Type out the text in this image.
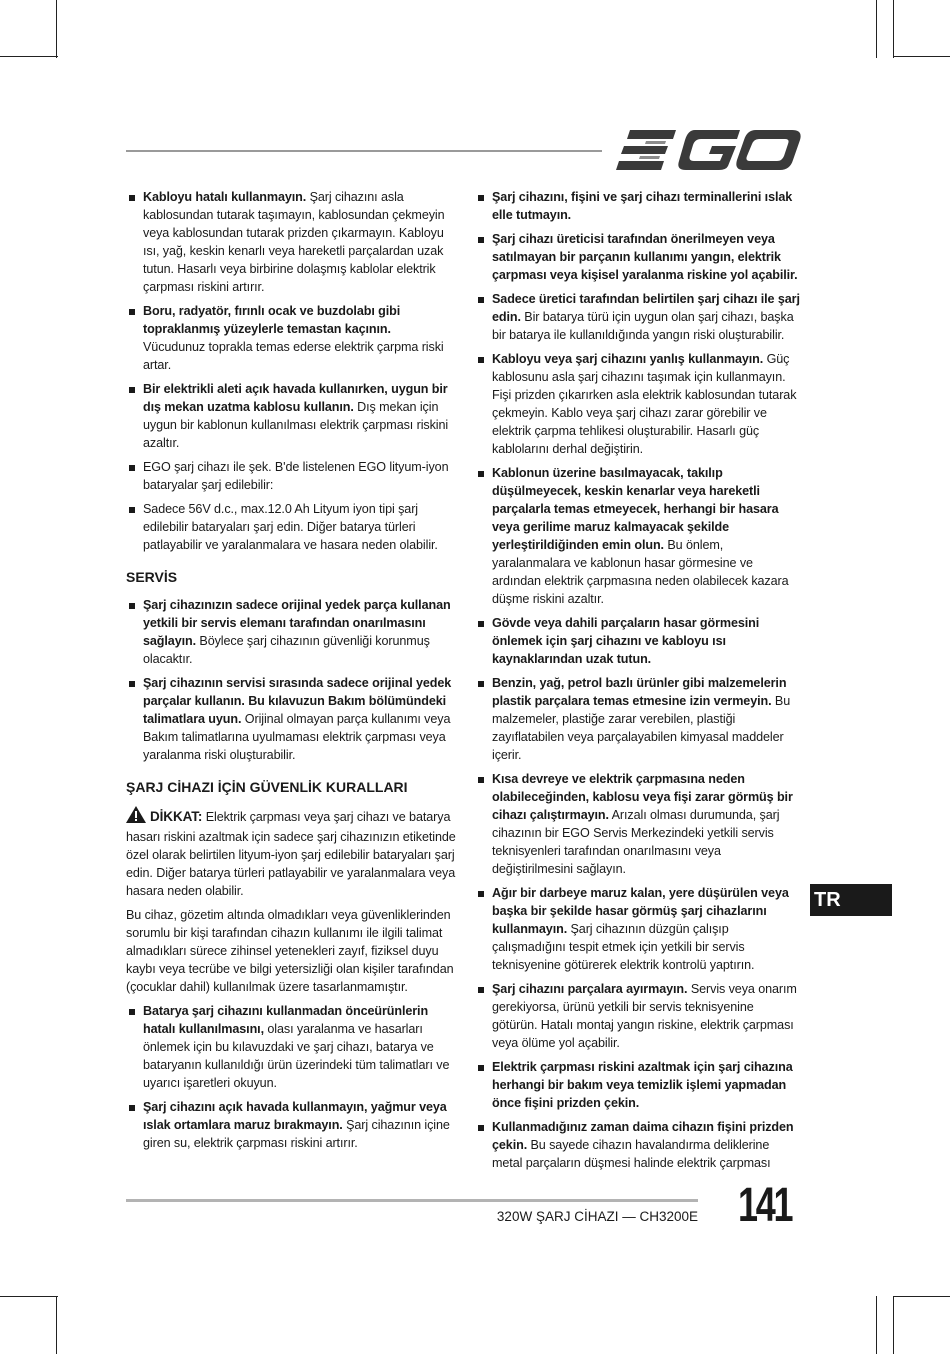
Kabloyu hatalı kullanmayın. Şarj cihazını asla kablosundan tutarak taşımayın, kablosundan çekmeyin veya kablosundan tutarak prizden çıkarmayın. Kabloyu ısı, yağ, keskin kenarlı veya hareketli parçalardan uzak tutun. Hasarlı veya birbirine dolaşmış kablolar elektrik çarpması riskini artırır.
Boru, radyatör, fırınlı ocak ve buzdolabı gibi topraklanmış yüzeylerle temastan kaçının. Vücudunuz toprakla temas ederse elektrik çarpma riski artar.
Bir elektrikli aleti açık havada kullanırken, uygun bir dış mekan uzatma kablosu kullanın. Dış mekan için uygun bir kablonun kullanılması elektrik çarpması riskini azaltır.
EGO şarj cihazı ile şek. B'de listelenen EGO lityum-iyon bataryalar şarj edilebilir:
Sadece 56V d.c., max.12.0 Ah Lityum iyon tipi şarj edilebilir bataryaları şarj edin. Diğer batarya türleri patlayabilir ve yaralanmalara ve hasara neden olabilir.
SERVİS
Şarj cihazınızın sadece orijinal yedek parça kullanan yetkili bir servis elemanı tarafından onarılmasını sağlayın. Böylece şarj cihazının güvenliği korunmuş olacaktır.
Şarj cihazının servisi sırasında sadece orijinal yedek parçalar kullanın. Bu kılavuzun Bakım bölümündeki talimatlara uyun. Orijinal olmayan parça kullanımı veya Bakım talimatlarına uyulmaması elektrik çarpması veya yaralanma riski oluşturabilir.
ŞARJ CİHAZI İÇİN GÜVENLİK KURALLARI
DİKKAT: Elektrik çarpması veya şarj cihazı ve batarya hasarı riskini azaltmak için sadece şarj cihazınızın etiketinde özel olarak belirtilen lityum-iyon şarj edilebilir bataryaları şarj edin. Diğer batarya türleri patlayabilir ve yaralanmalara veya hasara neden olabilir.
Bu cihaz, gözetim altında olmadıkları veya güvenliklerinden sorumlu bir kişi tarafından cihazın kullanımı ile ilgili talimat almadıkları sürece zihinsel yetenekleri zayıf, fiziksel duyu kaybı veya tecrübe ve bilgi yetersizliği olan kişiler tarafından (çocuklar dahil) kullanılmak üzere tasarlanmamıştır.
Batarya şarj cihazını kullanmadan önceürünlerin hatalı kullanılmasını, olası yaralanma ve hasarları önlemek için bu kılavuzdaki ve şarj cihazı, batarya ve bataryanın kullanıldığı ürün üzerindeki tüm talimatları ve uyarıcı işaretleri okuyun.
Şarj cihazını açık havada kullanmayın, yağmur veya ıslak ortamlara maruz bırakmayın. Şarj cihazının içine giren su, elektrik çarpması riskini artırır.
Şarj cihazını, fişini ve şarj cihazı terminallerini ıslak elle tutmayın.
Şarj cihazı üreticisi tarafından önerilmeyen veya satılmayan bir parçanın kullanımı yangın, elektrik çarpması veya kişisel yaralanma riskine yol açabilir.
Sadece üretici tarafından belirtilen şarj cihazı ile şarj edin. Bir batarya türü için uygun olan şarj cihazı, başka bir batarya ile kullanıldığında yangın riski oluşturabilir.
Kabloyu veya şarj cihazını yanlış kullanmayın. Güç kablosunu asla şarj cihazını taşımak için kullanmayın. Fişi prizden çıkarırken asla elektrik kablosundan tutarak çekmeyin. Kablo veya şarj cihazı zarar görebilir ve elektrik çarpma tehlikesi oluşturabilir. Hasarlı güç kablolarını derhal değiştirin.
Kablonun üzerine basılmayacak, takılıp düşülmeyecek, keskin kenarlar veya hareketli parçalarla temas etmeyecek, herhangi bir hasara veya gerilime maruz kalmayacak şekilde yerleştirildiğinden emin olun. Bu önlem, yaralanmalara ve kablonun hasar görmesine ve ardından elektrik çarpmasına neden olabilecek kazara düşme riskini azaltır.
Gövde veya dahili parçaların hasar görmesini önlemek için şarj cihazını ve kabloyu ısı kaynaklarından uzak tutun.
Benzin, yağ, petrol bazlı ürünler gibi malzemelerin plastik parçalara temas etmesine izin vermeyin. Bu malzemeler, plastiğe zarar verebilen, plastiği zayıflatabilen veya parçalayabilen kimyasal maddeler içerir.
Kısa devreye ve elektrik çarpmasına neden olabileceğinden, kablosu veya fişi zarar görmüş bir cihazı çalıştırmayın. Arızalı olması durumunda, şarj cihazının bir EGO Servis Merkezindeki yetkili servis teknisyenleri tarafından onarılmasını veya değiştirilmesini sağlayın.
Ağır bir darbeye maruz kalan, yere düşürülen veya başka bir şekilde hasar görmüş şarj cihazlarını kullanmayın. Şarj cihazının düzgün çalışıp çalışmadığını tespit etmek için yetkili bir servis teknisyenine götürerek elektrik kontrolü yaptırın.
Şarj cihazını parçalara ayırmayın. Servis veya onarım gerekiyorsa, ürünü yetkili bir servis teknisyenine götürün. Hatalı montaj yangın riskine, elektrik çarpması veya ölüme yol açabilir.
Elektrik çarpması riskini azaltmak için şarj cihazına herhangi bir bakım veya temizlik işlemi yapmadan önce fişini prizden çekin.
Kullanmadığınız zaman daima cihazın fişini prizden çekin. Bu sayede cihazın havalandırma deliklerine metal parçaların düşmesi halinde elektrik çarpması
TR
320W ŞARJ CİHAZI — CH3200E 141
